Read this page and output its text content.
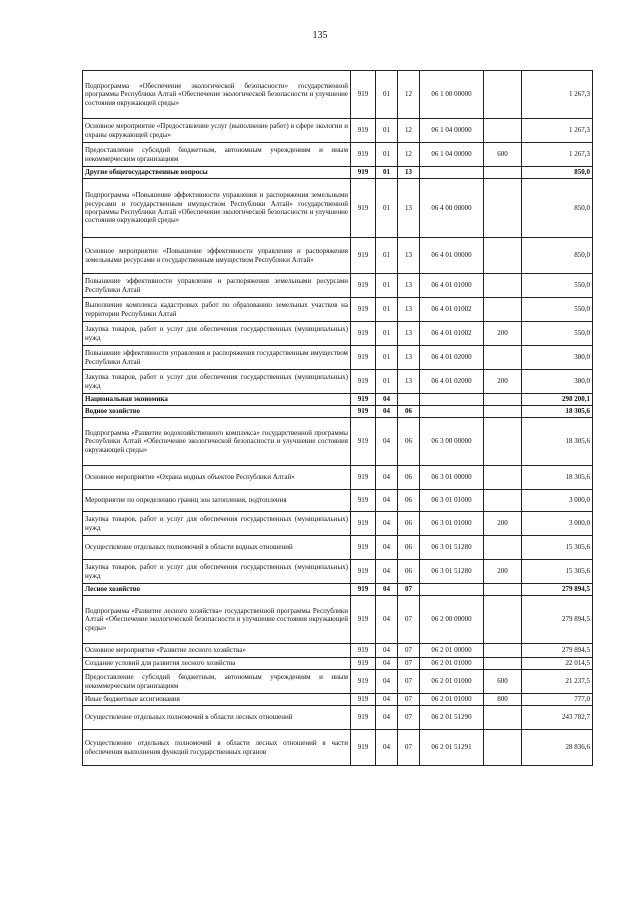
135
Подпрограмма «Обеспечение экологической безопасности» государственной программы Республики Алтай «Обеспечение экологической безопасности и улучшение состояния окружающей среды»	919	01	12	06 1 00 00000		1 267,3
Основное мероприятие «Предоставление услуг (выполнение работ) в сфере экологии и охраны окружающей среды»	919	01	12	06 1 04 00000		1 267,3
Предоставление субсидий бюджетным, автономным учреждениям и иным некоммерческим организациям	919	01	12	06 1 04 00000	600	1 267,3
Другие общегосударственные вопросы	919	01	13			850,0
Подпрограмма «Повышение эффективности управления и распоряжения земельными ресурсами и государственным имуществом Республики Алтай» государственной программы Республики Алтай «Обеспечение экологической безопасности и улучшение состояния окружающей среды»	919	01	13	06 4 00 00000		850,0
Основное мероприятие «Повышение эффективности управления и распоряжения земельными ресурсами и государственным имуществом Республики Алтай»	919	01	13	06 4 01 00000		850,0
Повышение эффективности управления и распоряжения земельными ресурсами Республики Алтай	919	01	13	06 4 01 01000		550,0
Выполнение комплекса кадастровых работ по образованию земельных участков на территории Республики Алтай	919	01	13	06 4 01 01002		550,0
Закупка товаров, работ и услуг для обеспечения государственных (муниципальных) нужд	919	01	13	06 4 01 01002	200	550,0
Повышение эффективности управления и распоряжения государственным имуществом Республики Алтай	919	01	13	06 4 01 02000		300,0
Закупка товаров, работ и услуг для обеспечения государственных (муниципальных) нужд	919	01	13	06 4 01 02000	200	300,0
Национальная экономика	919	04				298 200,1
Водное хозяйство	919	04	06			18 305,6
Подпрограмма «Развитие водохозяйственного комплекса» государственной программы Республики Алтай «Обеспечение экологической безопасности и улучшение состояния окружающей среды»	919	04	06	06 3 00 00000		18 305,6
Основное мероприятие «Охрана водных объектов Республики Алтай»	919	04	06	06 3 01 00000		18 305,6
Мероприятие по определению границ зон затопления, подтопления	919	04	06	06 3 01 01000		3 000,0
Закупка товаров, работ и услуг для обеспечения государственных (муниципальных) нужд	919	04	06	06 3 01 01000	200	3 000,0
Осуществление отдельных полномочий в области водных отношений	919	04	06	06 3 01 51280		15 305,6
Закупка товаров, работ и услуг для обеспечения государственных (муниципальных) нужд	919	04	06	06 3 01 51280	200	15 305,6
Лесное хозяйство	919	04	07			279 894,5
Подпрограмма «Развитие лесного хозяйства» государственной программы Республики Алтай «Обеспечение экологической безопасности и улучшение состояния окружающей среды»	919	04	07	06 2 00 00000		279 894,5
Основное мероприятие «Развитие лесного хозяйства»	919	04	07	06 2 01 00000		279 894,5
Создание условий для развития лесного хозяйства	919	04	07	06 2 01 01000		22 014,5
Предоставление субсидий бюджетным, автономным учреждениям и иным некоммерческим организациям	919	04	07	06 2 01 01000	600	21 237,5
Иные бюджетные ассигнования	919	04	07	06 2 01 01000	800	777,0
Осуществление отдельных полномочий в области лесных отношений	919	04	07	06 2 01 51290		243 782,7
Осуществление отдельных полномочий в области лесных отношений в части обеспечения выполнения функций государственных органов	919	04	07	06 2 01 51291		28 836,6
